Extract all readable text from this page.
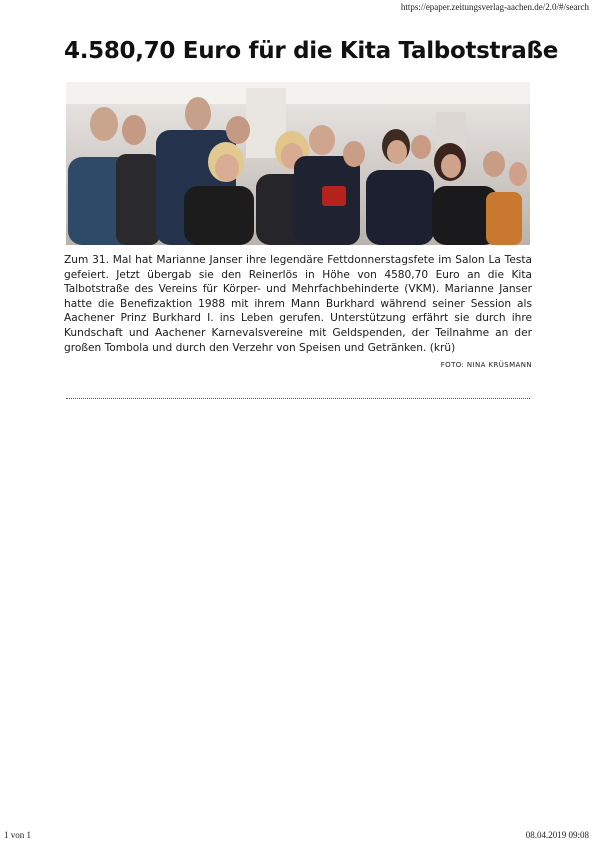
https://epaper.zeitungsverlag-aachen.de/2.0/#/search
4.580,70 Euro für die Kita Talbotstraße

Zum 31. Mal hat Marianne Janser ihre legendäre Fettdonnerstagsfete im Salon La Testa gefeiert. Jetzt übergab sie den Reinerlös in Höhe von 4580,70 Euro an die Kita Talbotstraße des Vereins für Körper- und Mehrfachbehinderte (VKM). Marianne Janser hatte die Benefizaktion 1988 mit ihrem Mann Burkhard während seiner Session als Aachener Prinz Burkhard I. ins Leben gerufen. Unterstützung erfährt sie durch ihre Kundschaft und Aachener Karnevalsvereine mit Geldspenden, der Teilnahme an der großen Tombola und durch den Verzehr von Speisen und Getränken. (krü)
FOTO: NINA KRÜSMANN

1 von 1	08.04.2019 09:08
